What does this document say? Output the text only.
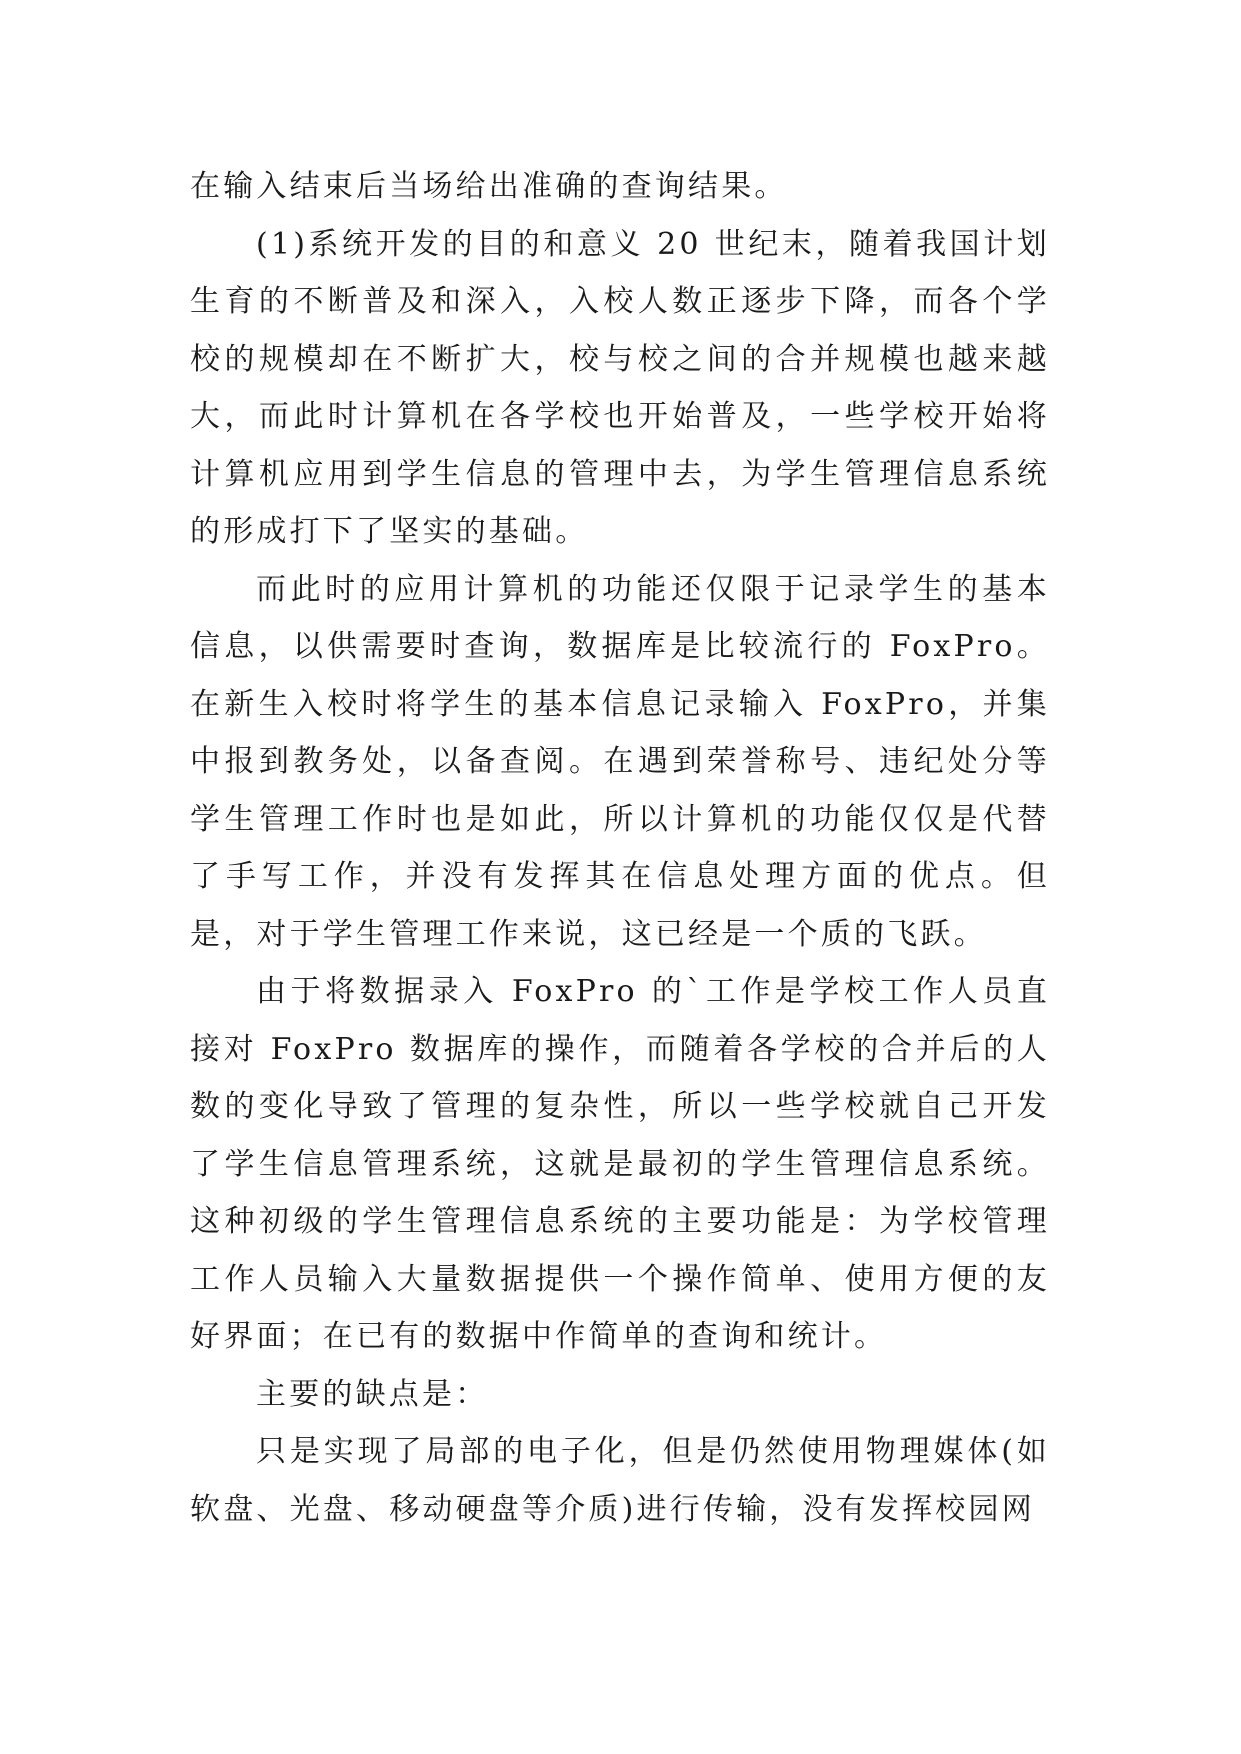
在输入结束后当场给出准确的查询结果。

(1)系统开发的目的和意义 20 世纪末，随着我国计划生育的不断普及和深入，入校人数正逐步下降，而各个学校的规模却在不断扩大，校与校之间的合并规模也越来越大，而此时计算机在各学校也开始普及，一些学校开始将计算机应用到学生信息的管理中去，为学生管理信息系统的形成打下了坚实的基础。

而此时的应用计算机的功能还仅限于记录学生的基本信息，以供需要时查询，数据库是比较流行的 FoxPro。在新生入校时将学生的基本信息记录输入 FoxPro，并集中报到教务处，以备查阅。在遇到荣誉称号、违纪处分等学生管理工作时也是如此，所以计算机的功能仅仅是代替了手写工作，并没有发挥其在信息处理方面的优点。但是，对于学生管理工作来说，这已经是一个质的飞跃。

由于将数据录入 FoxPro 的`工作是学校工作人员直接对 FoxPro 数据库的操作，而随着各学校的合并后的人数的变化导致了管理的复杂性，所以一些学校就自己开发了学生信息管理系统，这就是最初的学生管理信息系统。这种初级的学生管理信息系统的主要功能是：为学校管理工作人员输入大量数据提供一个操作简单、使用方便的友好界面；在已有的数据中作简单的查询和统计。

主要的缺点是：

只是实现了局部的电子化，但是仍然使用物理媒体(如软盘、光盘、移动硬盘等介质)进行传输，没有发挥校园网
